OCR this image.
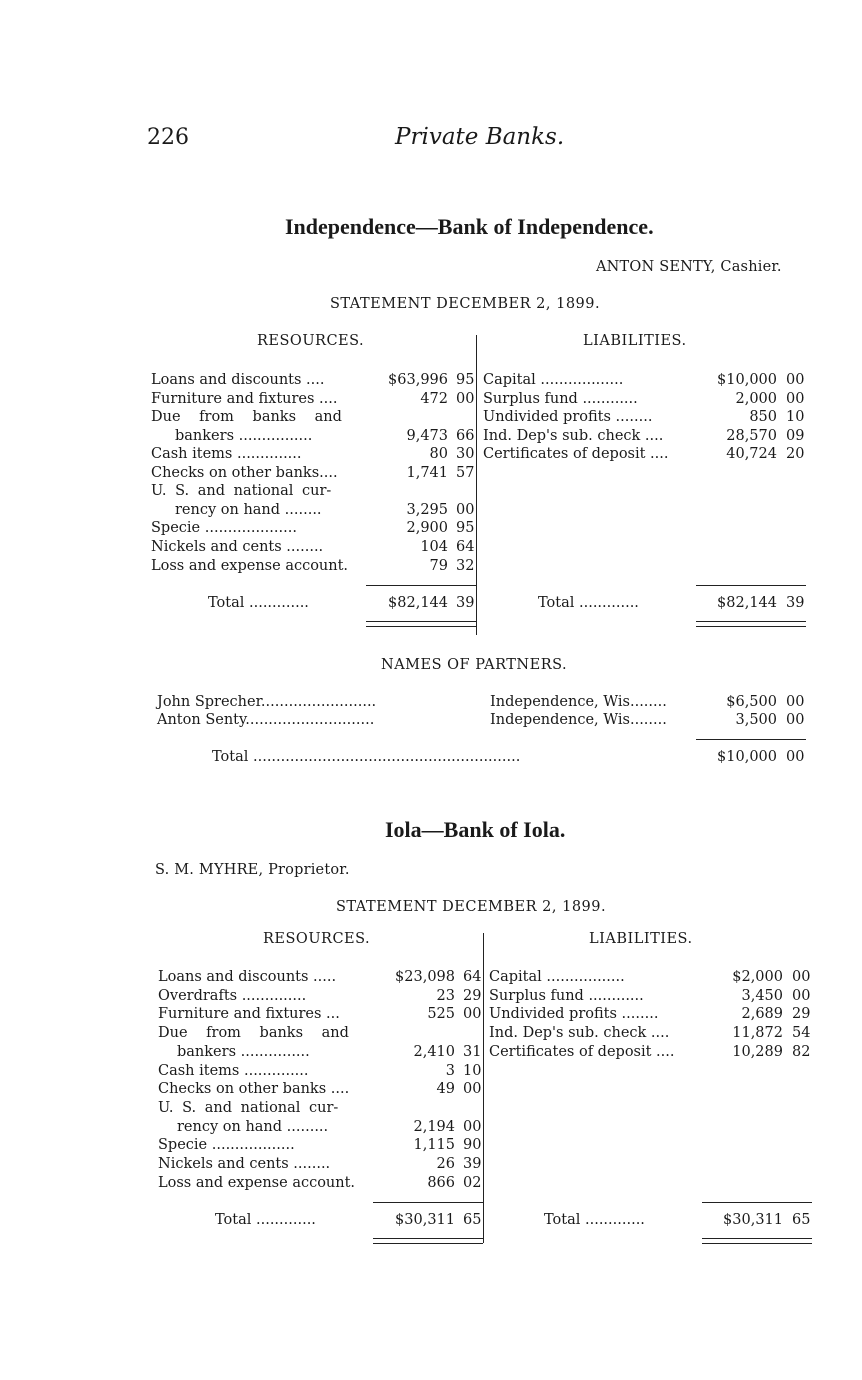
226	Private Banks.
Independence—Bank of Independence.
ANTON SENTY, Cashier.
STATEMENT DECEMBER 2, 1899.
RESOURCES.	LIABILITIES.
Loans and discounts ....	$63,996 95
Furniture and fixtures ....	472 00
Due from banks and
bankers ................	9,473 66
Cash items ..............	80 30
Checks on other banks....	1,741 57
U. S. and national cur-
rency on hand ........	3,295 00
Specie ....................	2,900 95
Nickels and cents ........	104 64
Loss and expense account.	79 32
Total .............	$82,144 39
Capital ..................	$10,000 00
Surplus fund ............	2,000 00
Undivided profits ........	850 10
Ind. Dep's sub. check ....	28,570 09
Certificates of deposit ....	40,724 20
Total .............	$82,144 39
NAMES OF PARTNERS.
John Sprecher.........................	Independence, Wis........	$6,500 00
Anton Senty............................	Independence, Wis........	3,500 00
Total ..........................................................	$10,000 00
Iola—Bank of Iola.
S. M. MYHRE, Proprietor.
STATEMENT DECEMBER 2, 1899.
RESOURCES.	LIABILITIES.
Loans and discounts .....	$23,098 64
Overdrafts ..............	23 29
Furniture and fixtures ...	525 00
Due from banks and
bankers ...............	2,410 31
Cash items ..............	3 10
Checks on other banks ....	49 00
U. S. and national cur-
rency on hand .........	2,194 00
Specie ..................	1,115 90
Nickels and cents ........	26 39
Loss and expense account.	866 02
Total .............	$30,311 65
Capital .................	$2,000 00
Surplus fund ............	3,450 00
Undivided profits ........	2,689 29
Ind. Dep's sub. check ....	11,872 54
Certificates of deposit ....	10,289 82
Total .............	$30,311 65
